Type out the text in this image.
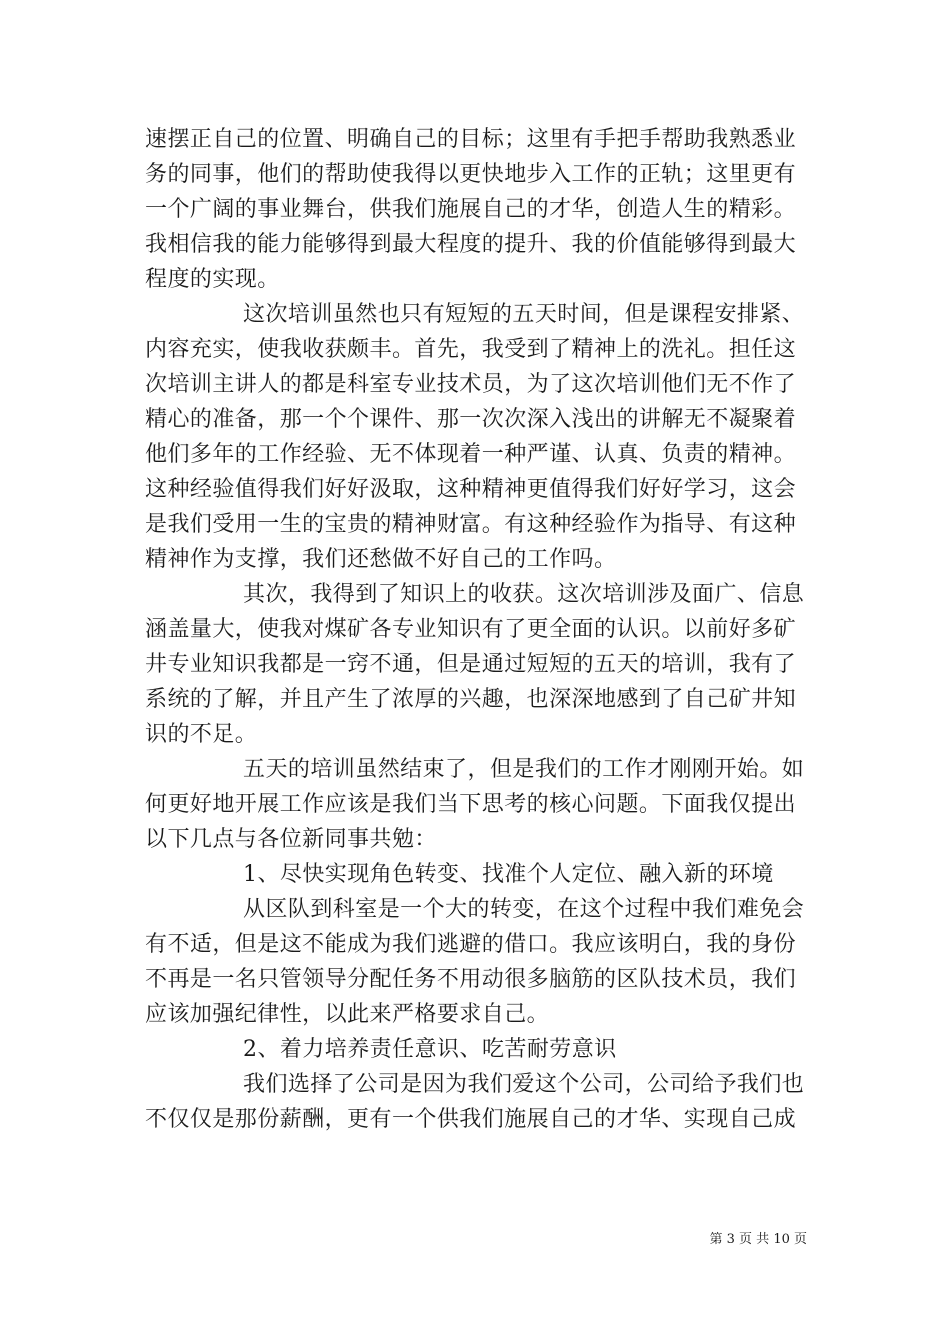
速摆正自己的位置、明确自己的目标；这里有手把手帮助我熟悉业
务的同事，他们的帮助使我得以更快地步入工作的正轨；这里更有
一个广阔的事业舞台，供我们施展自己的才华，创造人生的精彩。
我相信我的能力能够得到最大程度的提升、我的价值能够得到最大
程度的实现。
这次培训虽然也只有短短的五天时间，但是课程安排紧、
内容充实，使我收获颇丰。首先，我受到了精神上的洗礼。担任这
次培训主讲人的都是科室专业技术员，为了这次培训他们无不作了
精心的准备，那一个个课件、那一次次深入浅出的讲解无不凝聚着
他们多年的工作经验、无不体现着一种严谨、认真、负责的精神。
这种经验值得我们好好汲取，这种精神更值得我们好好学习，这会
是我们受用一生的宝贵的精神财富。有这种经验作为指导、有这种
精神作为支撑，我们还愁做不好自己的工作吗。
其次，我得到了知识上的收获。这次培训涉及面广、信息
涵盖量大，使我对煤矿各专业知识有了更全面的认识。以前好多矿
井专业知识我都是一窍不通，但是通过短短的五天的培训，我有了
系统的了解，并且产生了浓厚的兴趣，也深深地感到了自己矿井知
识的不足。
五天的培训虽然结束了，但是我们的工作才刚刚开始。如
何更好地开展工作应该是我们当下思考的核心问题。下面我仅提出
以下几点与各位新同事共勉：
1、尽快实现角色转变、找准个人定位、融入新的环境
从区队到科室是一个大的转变，在这个过程中我们难免会
有不适，但是这不能成为我们逃避的借口。我应该明白，我的身份
不再是一名只管领导分配任务不用动很多脑筋的区队技术员，我们
应该加强纪律性，以此来严格要求自己。
2、着力培养责任意识、吃苦耐劳意识
我们选择了公司是因为我们爱这个公司，公司给予我们也
不仅仅是那份薪酬，更有一个供我们施展自己的才华、实现自己成
第 3 页 共 10 页
